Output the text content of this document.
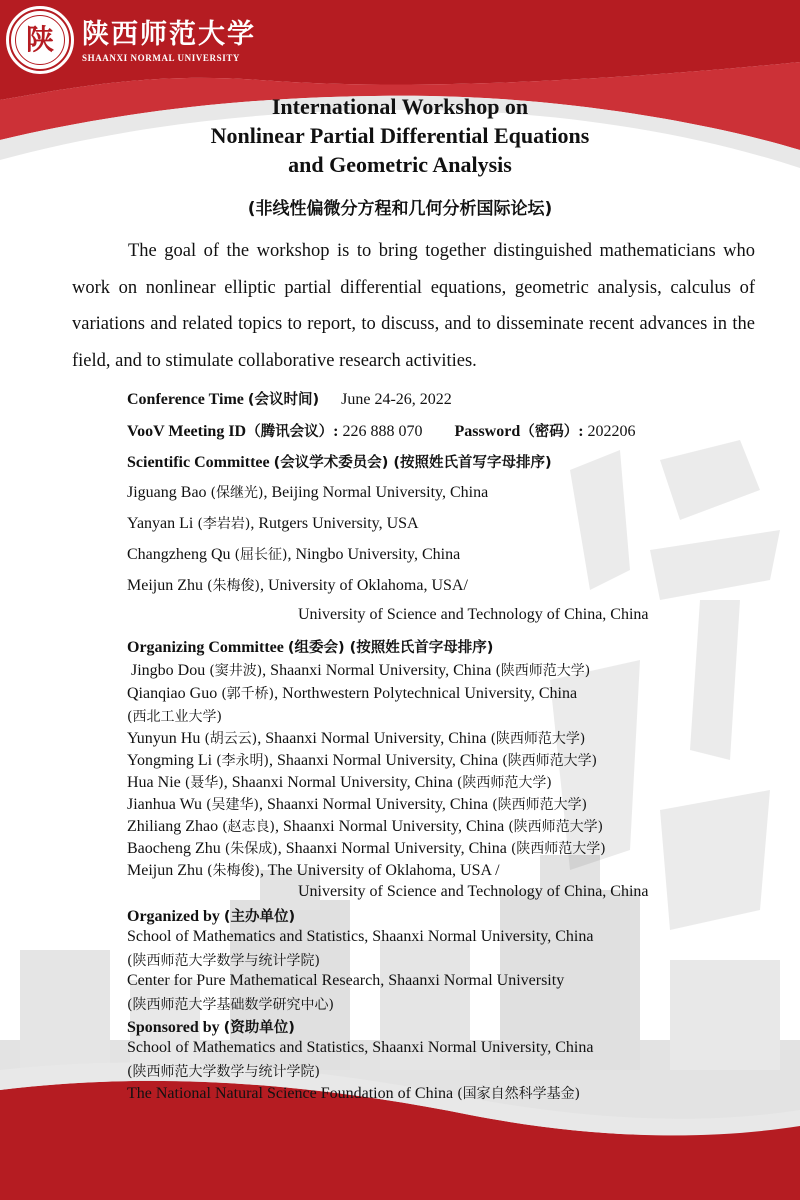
陕 陕西师范大学
SHAANXI NORMAL UNIVERSITY
International Workshop on
Nonlinear Partial Differential Equations
and Geometric Analysis
(非线性偏微分方程和几何分析国际论坛)

The goal of the workshop is to bring together distinguished mathematicians who work on nonlinear elliptic partial differential equations, geometric analysis, calculus of variations and related topics to report, to discuss, and to disseminate recent advances in the field, and to stimulate collaborative research activities.

Conference Time (会议时间) June 24-26, 2022
VooV Meeting ID（腾讯会议）: 226 888 070 Password（密码）: 202206
Scientific Committee (会议学术委员会) (按照姓氏首写字母排序)
Jiguang Bao (保继光), Beijing Normal University, China
Yanyan Li (李岩岩), Rutgers University, USA
Changzheng Qu (屈长征), Ningbo University, China
Meijun Zhu (朱梅俊), University of Oklahoma, USA/
University of Science and Technology of China, China
Organizing Committee (组委会) (按照姓氏首字母排序)
Jingbo Dou (窦井波), Shaanxi Normal University, China (陕西师范大学)
Qianqiao Guo (郭千桥), Northwestern Polytechnical University, China
(西北工业大学)
Yunyun Hu (胡云云), Shaanxi Normal University, China (陕西师范大学)
Yongming Li (李永明), Shaanxi Normal University, China (陕西师范大学)
Hua Nie (聂华), Shaanxi Normal University, China (陕西师范大学)
Jianhua Wu (吴建华), Shaanxi Normal University, China (陕西师范大学)
Zhiliang Zhao (赵志良), Shaanxi Normal University, China (陕西师范大学)
Baocheng Zhu (朱保成), Shaanxi Normal University, China (陕西师范大学)
Meijun Zhu (朱梅俊), The University of Oklahoma, USA /
University of Science and Technology of China, China
Organized by (主办单位)
School of Mathematics and Statistics, Shaanxi Normal University, China
(陕西师范大学数学与统计学院)
Center for Pure Mathematical Research, Shaanxi Normal University
(陕西师范大学基础数学研究中心)
Sponsored by (资助单位)
School of Mathematics and Statistics, Shaanxi Normal University, China
(陕西师范大学数学与统计学院)
The National Natural Science Foundation of China (国家自然科学基金)
